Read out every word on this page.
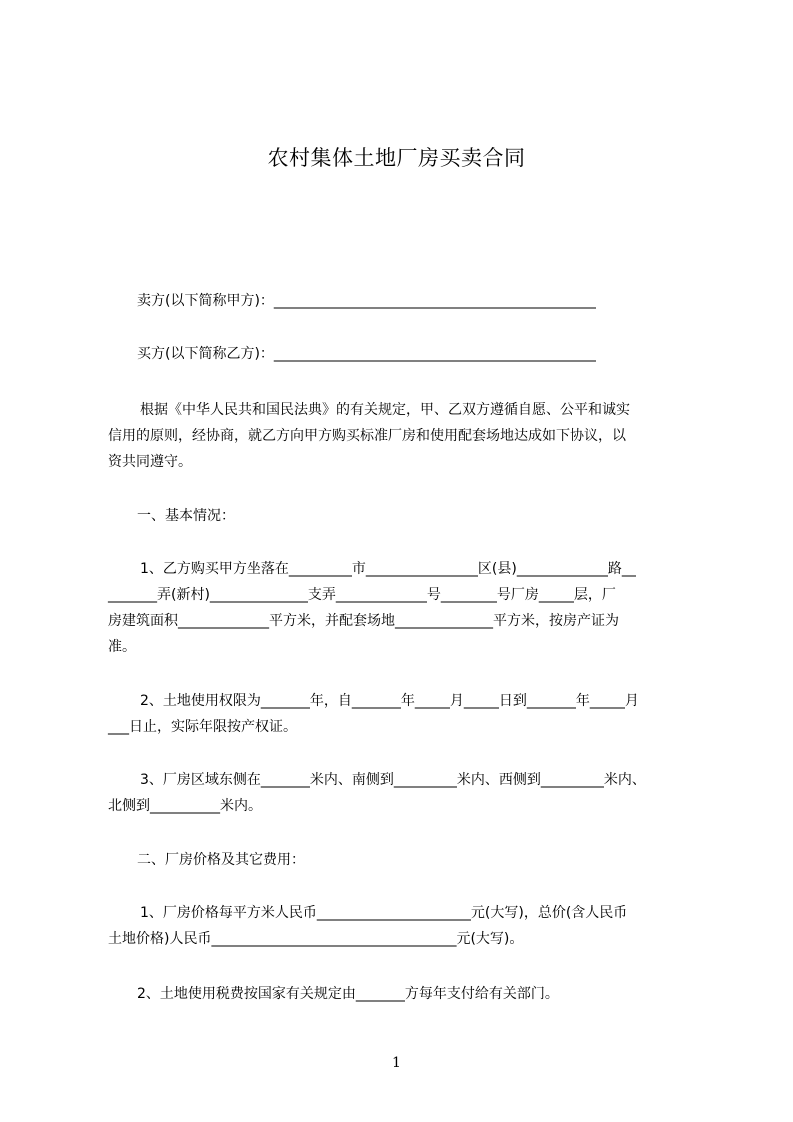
农村集体土地厂房买卖合同
卖方(以下简称甲方)：______________________________________________
买方(以下简称乙方)：______________________________________________
根据《中华人民共和国民法典》的有关规定，甲、乙双方遵循自愿、公平和诚实
信用的原则，经协商，就乙方向甲方购买标准厂房和使用配套场地达成如下协议，以
资共同遵守。
一、基本情况：
1、乙方购买甲方坐落在_________市________________区(县)_____________路__
_______弄(新村)______________支弄_____________号________号厂房_____层，厂
房建筑面积_____________平方米，并配套场地______________平方米，按房产证为
准。
2、土地使用权限为_______年，自_______年_____月_____日到_______年_____月
___日止，实际年限按产权证。
3、厂房区域东侧在_______米内、南侧到_________米内、西侧到_________米内、
北侧到__________米内。
二、厂房价格及其它费用：
1、厂房价格每平方米人民币______________________元(大写)，总价(含人民币
土地价格)人民币___________________________________元(大写)。
2、土地使用税费按国家有关规定由_______方每年支付给有关部门。
1
